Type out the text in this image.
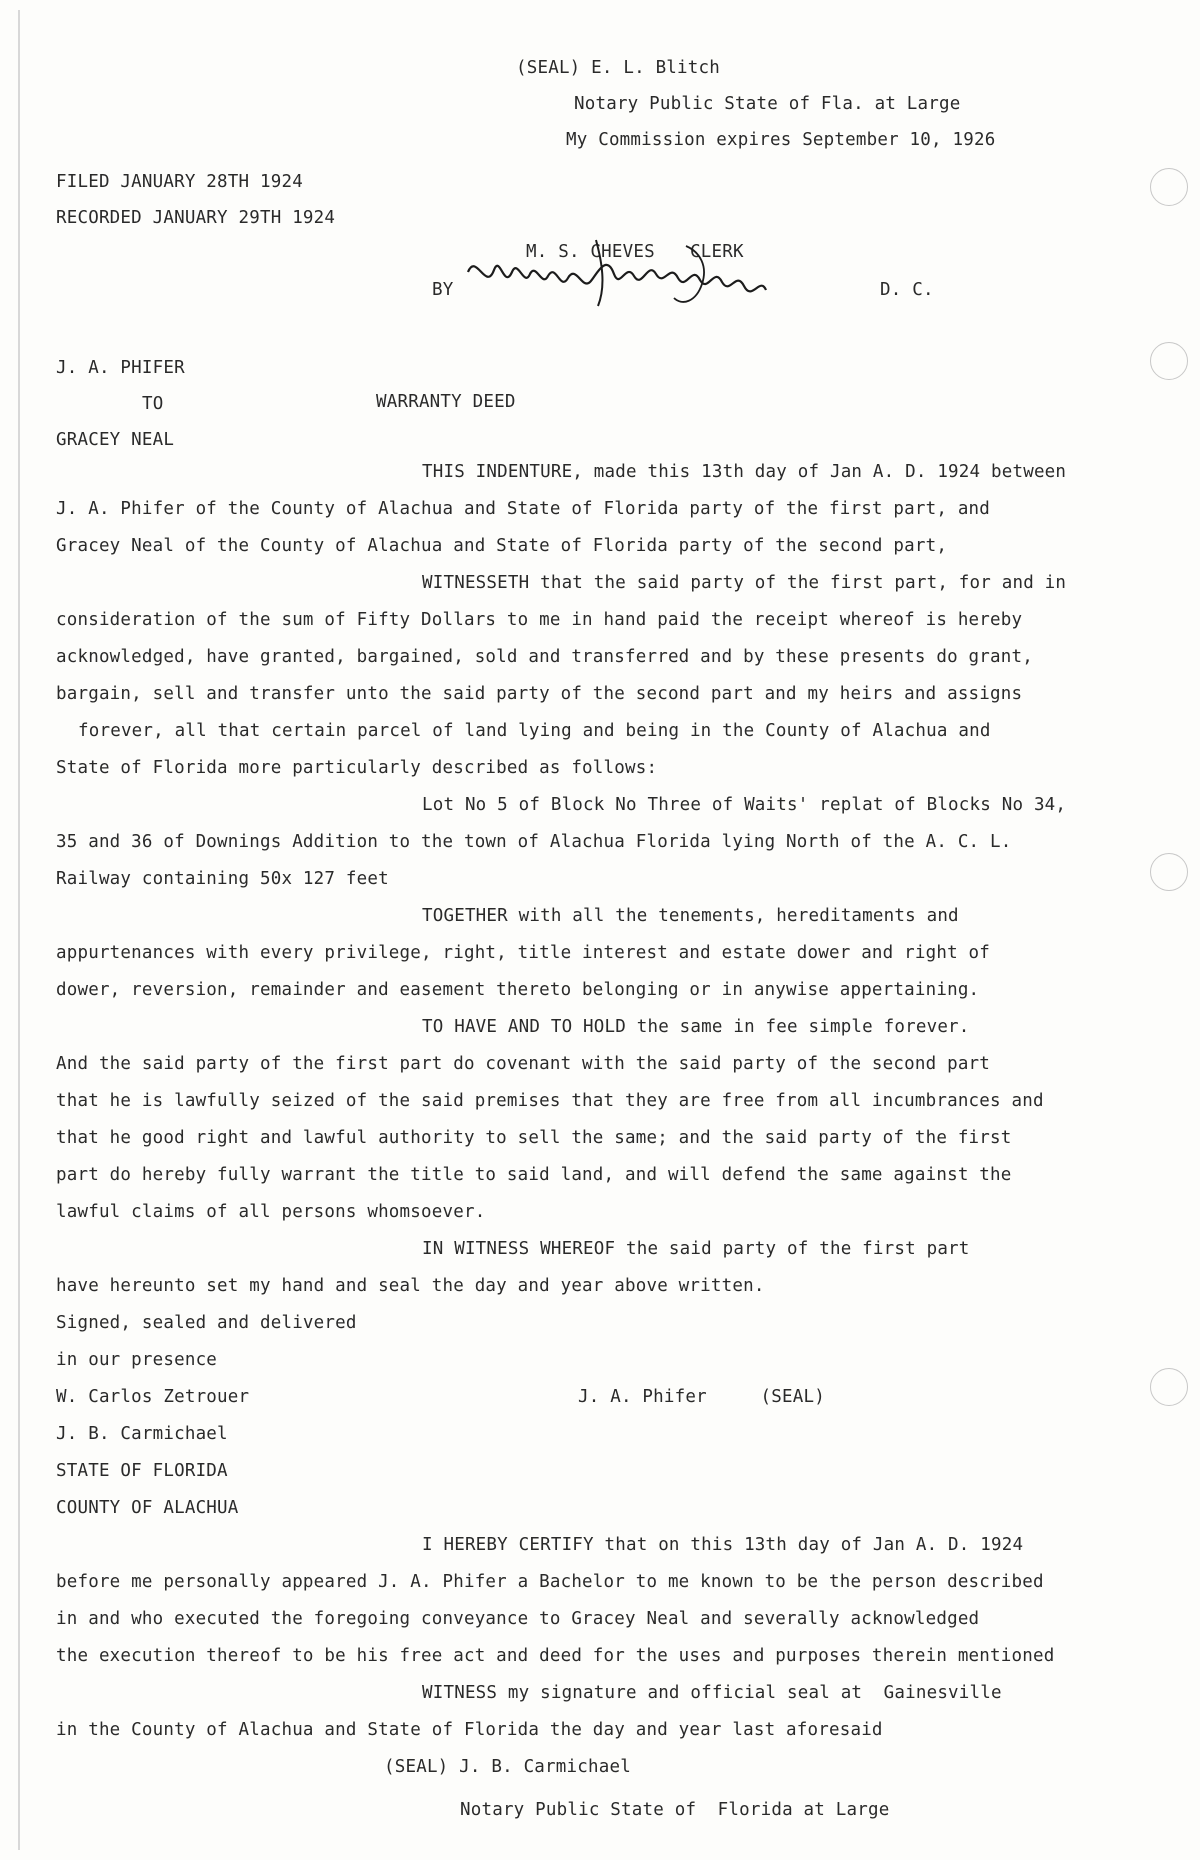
(SEAL) E. L. Blitch
Notary Public State of Fla. at Large
My Commission expires September 10, 1926
FILED JANUARY 28TH 1924
RECORDED JANUARY 29TH 1924
M. S. CHEVES CLERK
BY	D. C.
J. A. PHIFER
TO	WARRANTY DEED
GRACEY NEAL
THIS INDENTURE, made this 13th day of Jan A. D. 1924 between
J. A. Phifer of the County of Alachua and State of Florida party of the first part, and
Gracey Neal of the County of Alachua and State of Florida party of the second part,
WITNESSETH that the said party of the first part, for and in
consideration of the sum of Fifty Dollars to me in hand paid the receipt whereof is hereby
acknowledged, have granted, bargained, sold and transferred and by these presents do grant,
bargain, sell and transfer unto the said party of the second part and my heirs and assigns
forever, all that certain parcel of land lying and being in the County of Alachua and
State of Florida more particularly described as follows:
Lot No 5 of Block No Three of Waits' replat of Blocks No 34,
35 and 36 of Downings Addition to the town of Alachua Florida lying North of the A. C. L.
Railway containing 50x 127 feet
TOGETHER with all the tenements, hereditaments and
appurtenances with every privilege, right, title interest and estate dower and right of
dower, reversion, remainder and easement thereto belonging or in anywise appertaining.
TO HAVE AND TO HOLD the same in fee simple forever.
And the said party of the first part do covenant with the said party of the second part
that he is lawfully seized of the said premises that they are free from all incumbrances and
that he good right and lawful authority to sell the same; and the said party of the first
part do hereby fully warrant the title to said land, and will defend the same against the
lawful claims of all persons whomsoever.
IN WITNESS WHEREOF the said party of the first part
have hereunto set my hand and seal the day and year above written.
Signed, sealed and delivered
in our presence
W. Carlos Zetrouer	J. A. Phifer     (SEAL)
J. B. Carmichael
STATE OF FLORIDA
COUNTY OF ALACHUA
I HEREBY CERTIFY that on this 13th day of Jan A. D. 1924
before me personally appeared J. A. Phifer a Bachelor to me known to be the person described
in and who executed the foregoing conveyance to Gracey Neal and severally acknowledged
the execution thereof to be his free act and deed for the uses and purposes therein mentioned
WITNESS my signature and official seal at  Gainesville
in the County of Alachua and State of Florida the day and year last aforesaid
(SEAL) J. B. Carmichael
Notary Public State of  Florida at Large
